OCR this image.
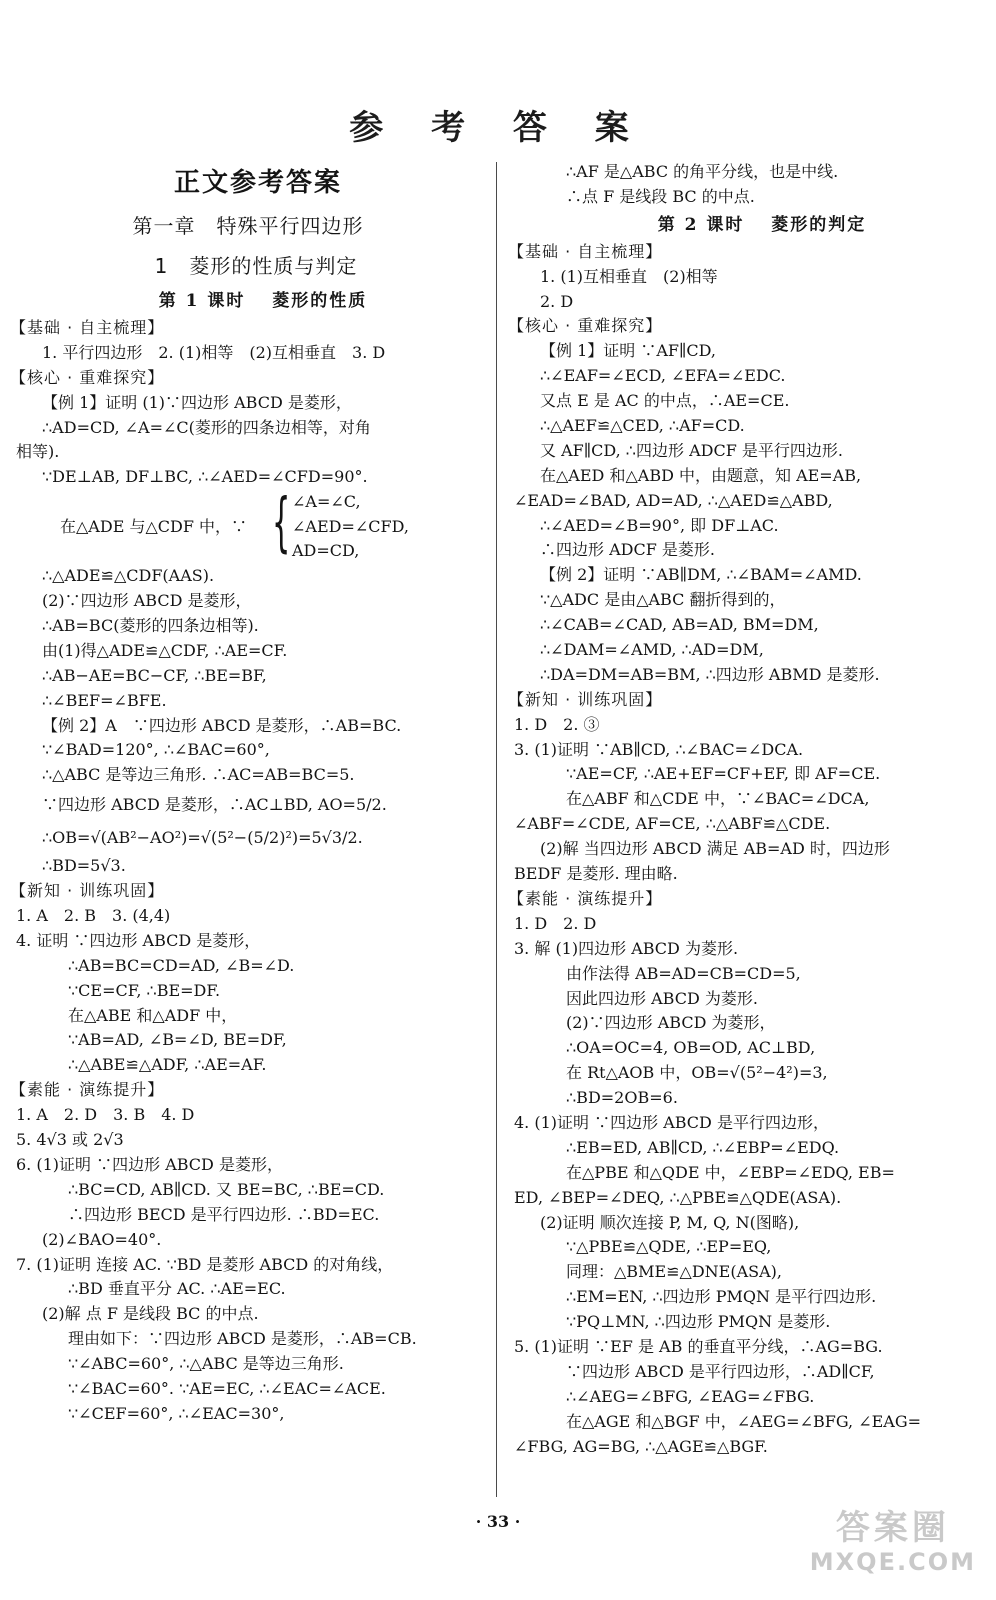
参 考 答 案
正文参考答案
第一章　特殊平行四边形
1　菱形的性质与判定
第 1 课时　 菱形的性质
【基础 · 自主梳理】
1. 平行四边形　2. (1)相等　(2)互相垂直　3. D
【核心 · 重难探究】
【例 1】证明 (1)∵四边形 ABCD 是菱形，
∴AD=CD, ∠A=∠C(菱形的四条边相等，对角
相等).
∵DE⊥AB, DF⊥BC, ∴∠AED=∠CFD=90°.
在△ADE 与△CDF 中，∵ { ∠A=∠C,
∠AED=∠CFD,
AD=CD,
∴△ADE≌△CDF(AAS).
(2)∵四边形 ABCD 是菱形，
∴AB=BC(菱形的四条边相等).
由(1)得△ADE≌△CDF, ∴AE=CF.
∴AB−AE=BC−CF, ∴BE=BF,
∴∠BEF=∠BFE.
【例 2】A　∵四边形 ABCD 是菱形，∴AB=BC.
∵∠BAD=120°, ∴∠BAC=60°,
∴△ABC 是等边三角形. ∴AC=AB=BC=5.
∵四边形 ABCD 是菱形，∴AC⊥BD, AO=5/2.
∴OB=√(AB²−AO²)=√(5²−(5/2)²)=5√3/2.
∴BD=5√3.
【新知 · 训练巩固】
1. A　2. B　3. (4,4)
4. 证明 ∵四边形 ABCD 是菱形，
∴AB=BC=CD=AD, ∠B=∠D.
∵CE=CF, ∴BE=DF.
在△ABE 和△ADF 中，
∵AB=AD, ∠B=∠D, BE=DF,
∴△ABE≌△ADF, ∴AE=AF.
【素能 · 演练提升】
1. A　2. D　3. B　4. D
5. 4√3 或 2√3
6. (1)证明 ∵四边形 ABCD 是菱形，
∴BC=CD, AB∥CD. 又 BE=BC, ∴BE=CD.
∴四边形 BECD 是平行四边形. ∴BD=EC.
(2)∠BAO=40°.
7. (1)证明 连接 AC. ∵BD 是菱形 ABCD 的对角线，
∴BD 垂直平分 AC. ∴AE=EC.
(2)解 点 F 是线段 BC 的中点.
理由如下：∵四边形 ABCD 是菱形，∴AB=CB.
∵∠ABC=60°, ∴△ABC 是等边三角形.
∵∠BAC=60°. ∵AE=EC, ∴∠EAC=∠ACE.
∵∠CEF=60°, ∴∠EAC=30°,
∴AF 是△ABC 的角平分线，也是中线.
∴点 F 是线段 BC 的中点.
第 2 课时　 菱形的判定
【基础 · 自主梳理】
1. (1)互相垂直　(2)相等
2. D
【核心 · 重难探究】
【例 1】证明 ∵AF∥CD,
∴∠EAF=∠ECD, ∠EFA=∠EDC.
又点 E 是 AC 的中点，∴AE=CE.
∴△AEF≌△CED, ∴AF=CD.
又 AF∥CD, ∴四边形 ADCF 是平行四边形.
在△AED 和△ABD 中，由题意，知 AE=AB,
∠EAD=∠BAD, AD=AD, ∴△AED≌△ABD,
∴∠AED=∠B=90°, 即 DF⊥AC.
∴四边形 ADCF 是菱形.
【例 2】证明 ∵AB∥DM, ∴∠BAM=∠AMD.
∵△ADC 是由△ABC 翻折得到的，
∴∠CAB=∠CAD, AB=AD, BM=DM,
∴∠DAM=∠AMD, ∴AD=DM,
∴DA=DM=AB=BM, ∴四边形 ABMD 是菱形.
【新知 · 训练巩固】
1. D　2. ③
3. (1)证明 ∵AB∥CD, ∴∠BAC=∠DCA.
∵AE=CF, ∴AE+EF=CF+EF, 即 AF=CE.
在△ABF 和△CDE 中，∵∠BAC=∠DCA,
∠ABF=∠CDE, AF=CE, ∴△ABF≌△CDE.
(2)解 当四边形 ABCD 满足 AB=AD 时，四边形
BEDF 是菱形. 理由略.
【素能 · 演练提升】
1. D　2. D
3. 解 (1)四边形 ABCD 为菱形.
由作法得 AB=AD=CB=CD=5,
因此四边形 ABCD 为菱形.
(2)∵四边形 ABCD 为菱形，
∴OA=OC=4, OB=OD, AC⊥BD,
在 Rt△AOB 中，OB=√(5²−4²)=3,
∴BD=2OB=6.
4. (1)证明 ∵四边形 ABCD 是平行四边形，
∴EB=ED, AB∥CD, ∴∠EBP=∠EDQ.
在△PBE 和△QDE 中，∠EBP=∠EDQ, EB=
ED, ∠BEP=∠DEQ, ∴△PBE≌△QDE(ASA).
(2)证明 顺次连接 P, M, Q, N(图略),
∵△PBE≌△QDE, ∴EP=EQ,
同理：△BME≌△DNE(ASA),
∴EM=EN, ∴四边形 PMQN 是平行四边形.
∵PQ⊥MN, ∴四边形 PMQN 是菱形.
5. (1)证明 ∵EF 是 AB 的垂直平分线，∴AG=BG.
∵四边形 ABCD 是平行四边形，∴AD∥CF,
∴∠AEG=∠BFG, ∠EAG=∠FBG.
在△AGE 和△BGF 中，∠AEG=∠BFG, ∠EAG=
∠FBG, AG=BG, ∴△AGE≌△BGF.
· 33 ·	答案圈
MXQE.COM
